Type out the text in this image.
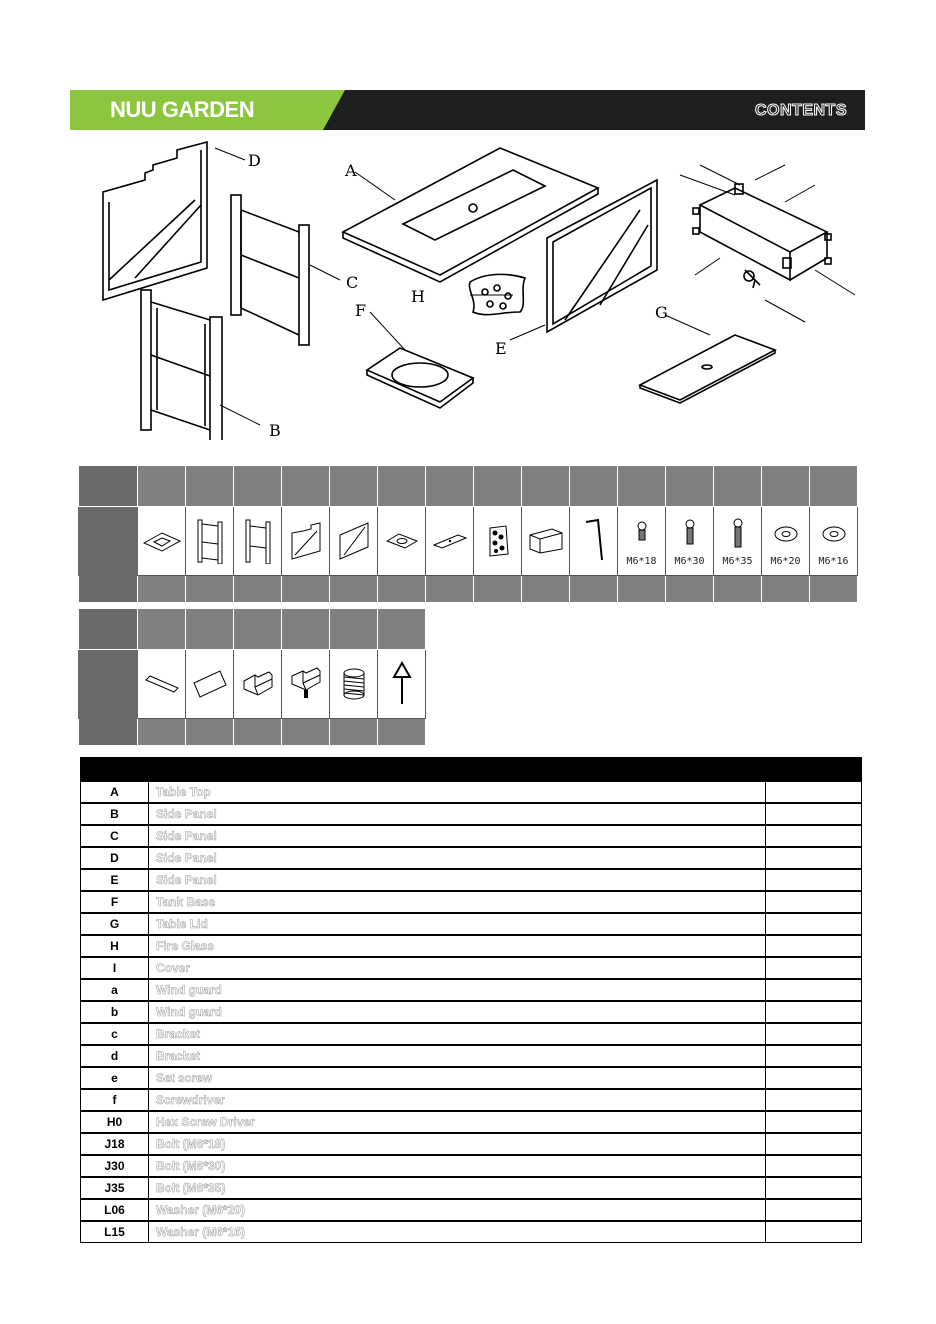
NUU GARDEN	CONTENTS
A
B
C
D
E
F	G
H

M6*18	M6*30	M6*35	M6*20	M6*16

A	Table Top	
B	Side Panel	
C	Side Panel	
D	Side Panel	
E	Side Panel	
F	Tank Base	
G	Table Lid	
H	Fire Glass	
I	Cover	
a	Wind guard	
b	Wind guard	
c	Bracket	
d	Bracket	
e	Set screw	
f	Screwdriver	
H0	Hex Screw Driver	
J18	Bolt (M6*18)	
J30	Bolt (M6*30)	
J35	Bolt (M6*35)	
L06	Washer (M6*20)	
L15	Washer (M6*16)	
